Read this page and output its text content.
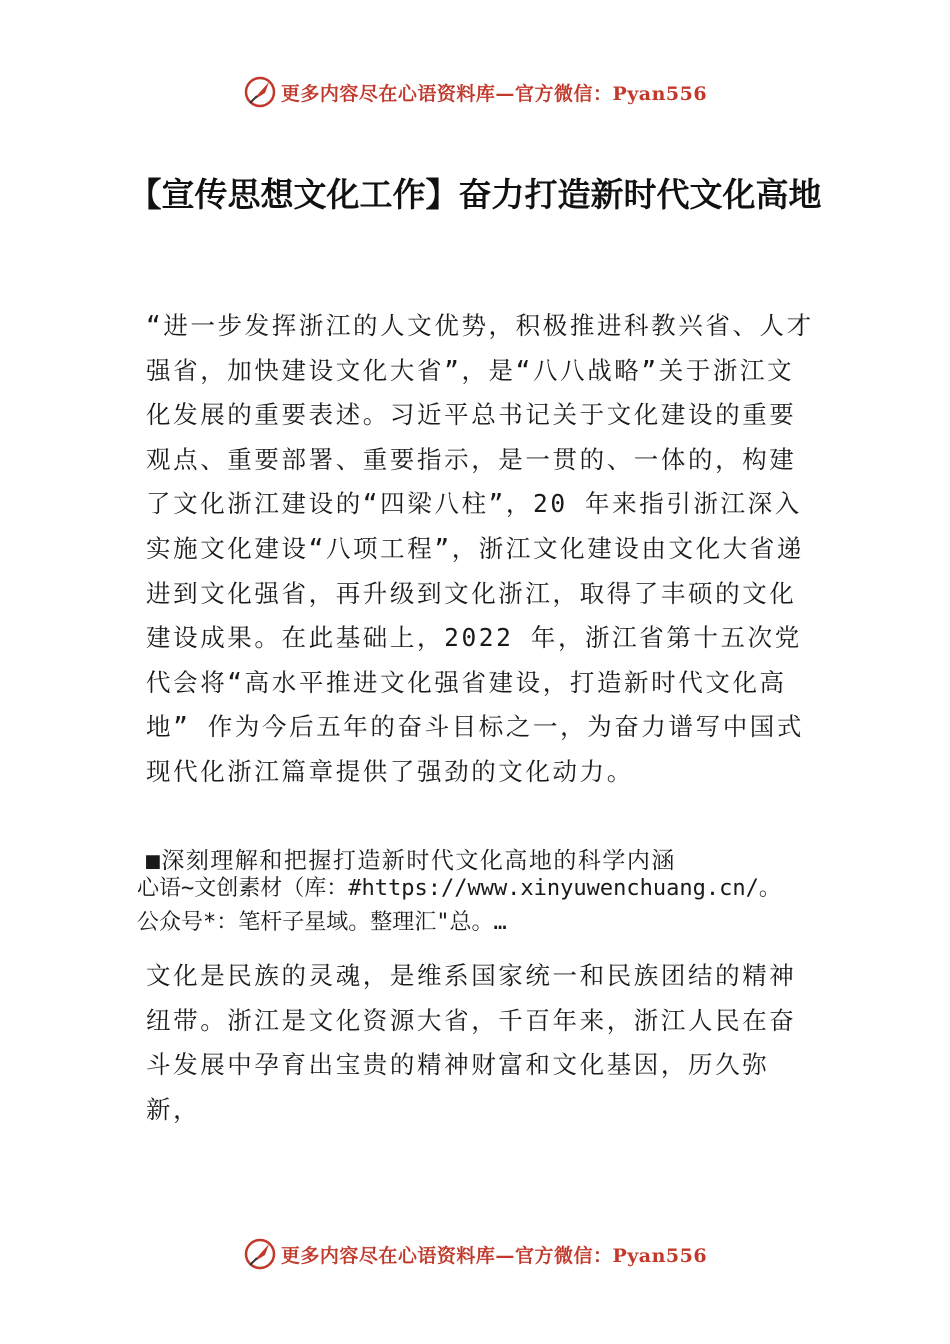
更多内容尽在心语资料库— 官方微信：Pyan556
【宣传思想文化工作】奋力打造新时代文化高地

“进一步发挥浙江的人文优势，积极推进科教兴省、人才强省，加快建设文化大省”，是“八八战略”关于浙江文化发展的重要表述。习近平总书记关于文化建设的重要观点、重要部署、重要指示，是一贯的、一体的，构建了文化浙江建设的“四梁八柱”，20 年来指引浙江深入实施文化建设“八项工程”，浙江文化建设由文化大省递进到文化强省，再升级到文化浙江，取得了丰硕的文化建设成果。在此基础上，2022 年，浙江省第十五次党代会将“高水平推进文化强省建设，打造新时代文化高地” 作为今后五年的奋斗目标之一，为奋力谱写中国式现代化浙江篇章提供了强劲的文化动力。

■深刻理解和把握打造新时代文化高地的科学内涵
心语~文创素材（库：#https://www.xinyuwenchuang.cn/。
公众号*：笔杆子星域。整理汇"总。…

文化是民族的灵魂，是维系国家统一和民族团结的精神纽带。浙江是文化资源大省，千百年来，浙江人民在奋斗发展中孕育出宝贵的精神财富和文化基因，历久弥新，

更多内容尽在心语资料库— 官方微信：Pyan556
